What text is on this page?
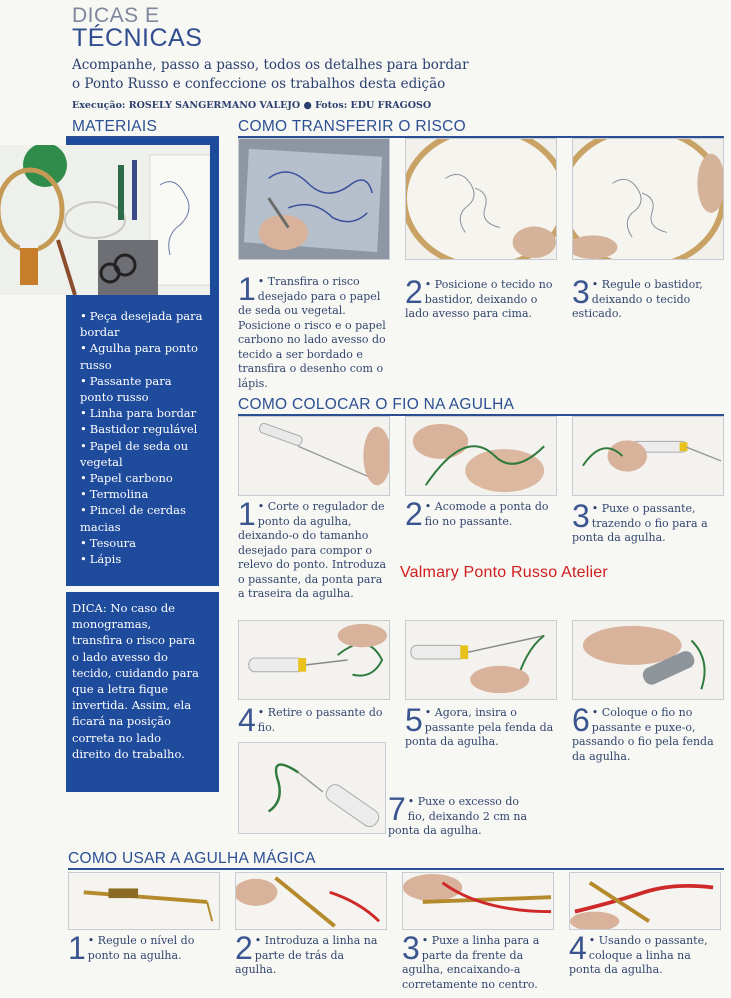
DICAS E
TÉCNICAS
Acompanhe, passo a passo, todos os detalhes para bordar o Ponto Russo e confeccione os trabalhos desta edição
Execução: ROSELY SANGERMANO VALEJO ● Fotos: EDU FRAGOSO
MATERIAIS
• Peça desejada para bordar
• Agulha para ponto russo
• Passante para ponto russo
• Linha para bordar
• Bastidor regulável
• Papel de seda ou vegetal
• Papel carbono
• Termolina
• Pincel de cerdas macias
• Tesoura
• Lápis
DICA: No caso de monogramas, transfira o risco para o lado avesso do tecido, cuidando para que a letra fique invertida. Assim, ela ficará na posição correta no lado direito do trabalho.
COMO TRANSFERIR O RISCO
1 • Transfira o risco desejado para o papel de seda ou vegetal. Posicione o risco e o papel carbono no lado avesso do tecido a ser bordado e transfira o desenho com o lápis.
2 • Posicione o tecido no bastidor, deixando o lado avesso para cima.
3 • Regule o bastidor, deixando o tecido esticado.
COMO COLOCAR O FIO NA AGULHA
1 • Corte o regulador de ponto da agulha, deixando-o do tamanho desejado para compor o relevo do ponto. Introduza o passante, da ponta para a traseira da agulha.
2 • Acomode a ponta do fio no passante.	3 • Puxe o passante, trazendo o fio para a ponta da agulha.
Valmary Ponto Russo Atelier
4 • Retire o passante do fio.	5 • Agora, insira o passante pela fenda da ponta da agulha.
6 • Coloque o fio no passante e puxe-o, passando o fio pela fenda da agulha.
7 • Puxe o excesso do fio, deixando 2 cm na ponta da agulha.
COMO USAR A AGULHA MÁGICA
1 • Regule o nível do ponto na agulha.	2 • Introduza a linha na parte de trás da agulha.
3 • Puxe a linha para a parte da frente da agulha, encaixando-a corretamente no centro.
4 • Usando o passante, coloque a linha na ponta da agulha.
